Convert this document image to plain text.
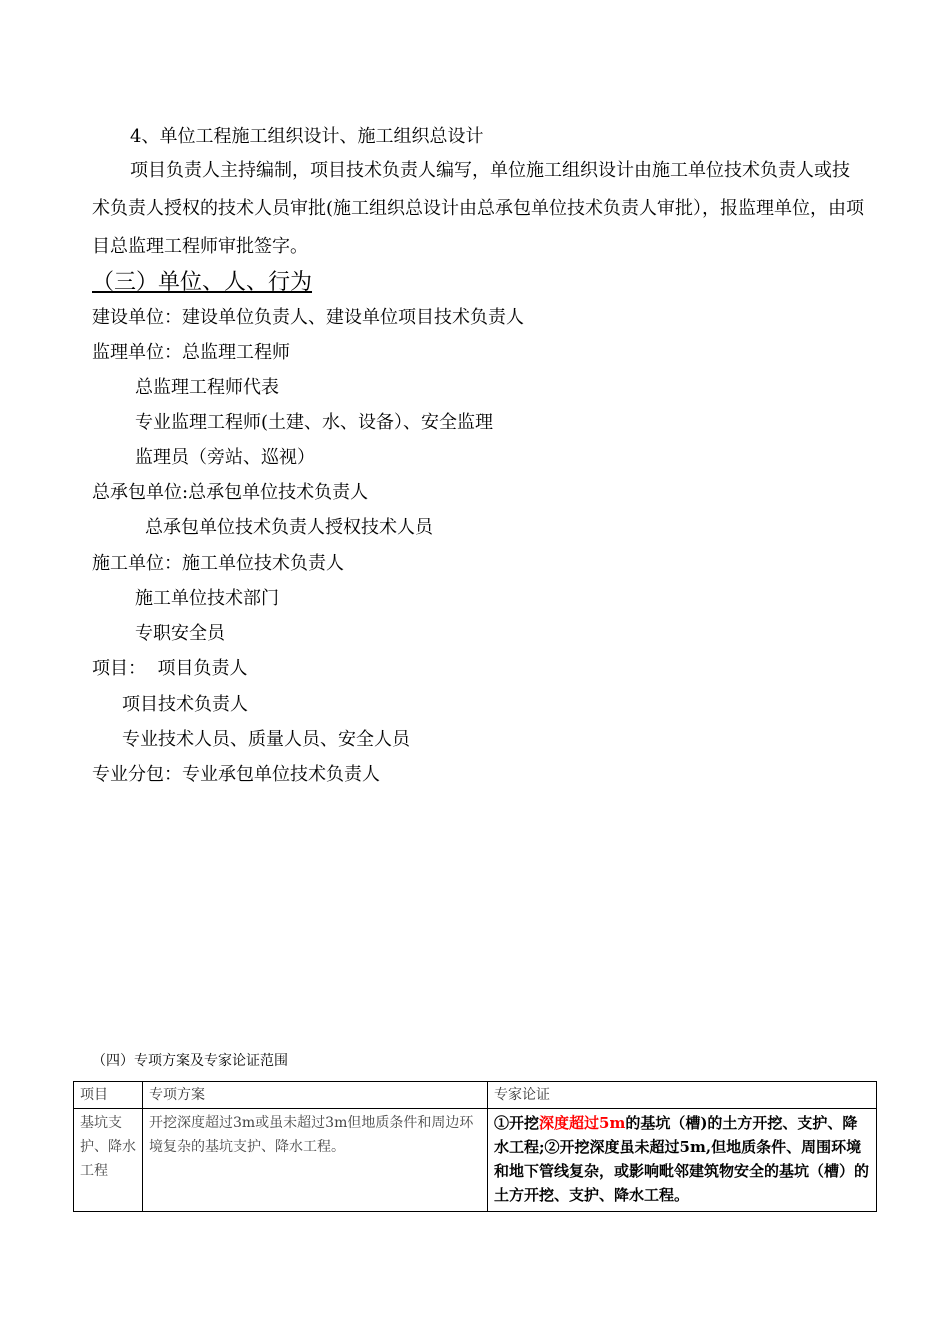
4、单位工程施工组织设计、施工组织总设计
项目负责人主持编制，项目技术负责人编写，单位施工组织设计由施工单位技术负责人或技术负责人授权的技术人员审批(施工组织总设计由总承包单位技术负责人审批），报监理单位，由项目总监理工程师审批签字。
（三）单位、人、行为
建设单位：建设单位负责人、建设单位项目技术负责人
监理单位：总监理工程师
总监理工程师代表
专业监理工程师(土建、水、设备）、安全监理
监理员（旁站、巡视）
总承包单位:总承包单位技术负责人
总承包单位技术负责人授权技术人员
施工单位：施工单位技术负责人
施工单位技术部门
专职安全员
项目：  项目负责人
项目技术负责人
专业技术人员、质量人员、安全人员
专业分包：专业承包单位技术负责人
（四）专项方案及专家论证范围
项目	专项方案	专家论证
基坑支护、降水工程	开挖深度超过3m或虽未超过3m但地质条件和周边环境复杂的基坑支护、降水工程。	①开挖深度超过5m的基坑（槽)的土方开挖、支护、降水工程;②开挖深度虽未超过5m,但地质条件、周围环境和地下管线复杂，或影响毗邻建筑物安全的基坑（槽）的土方开挖、支护、降水工程。
